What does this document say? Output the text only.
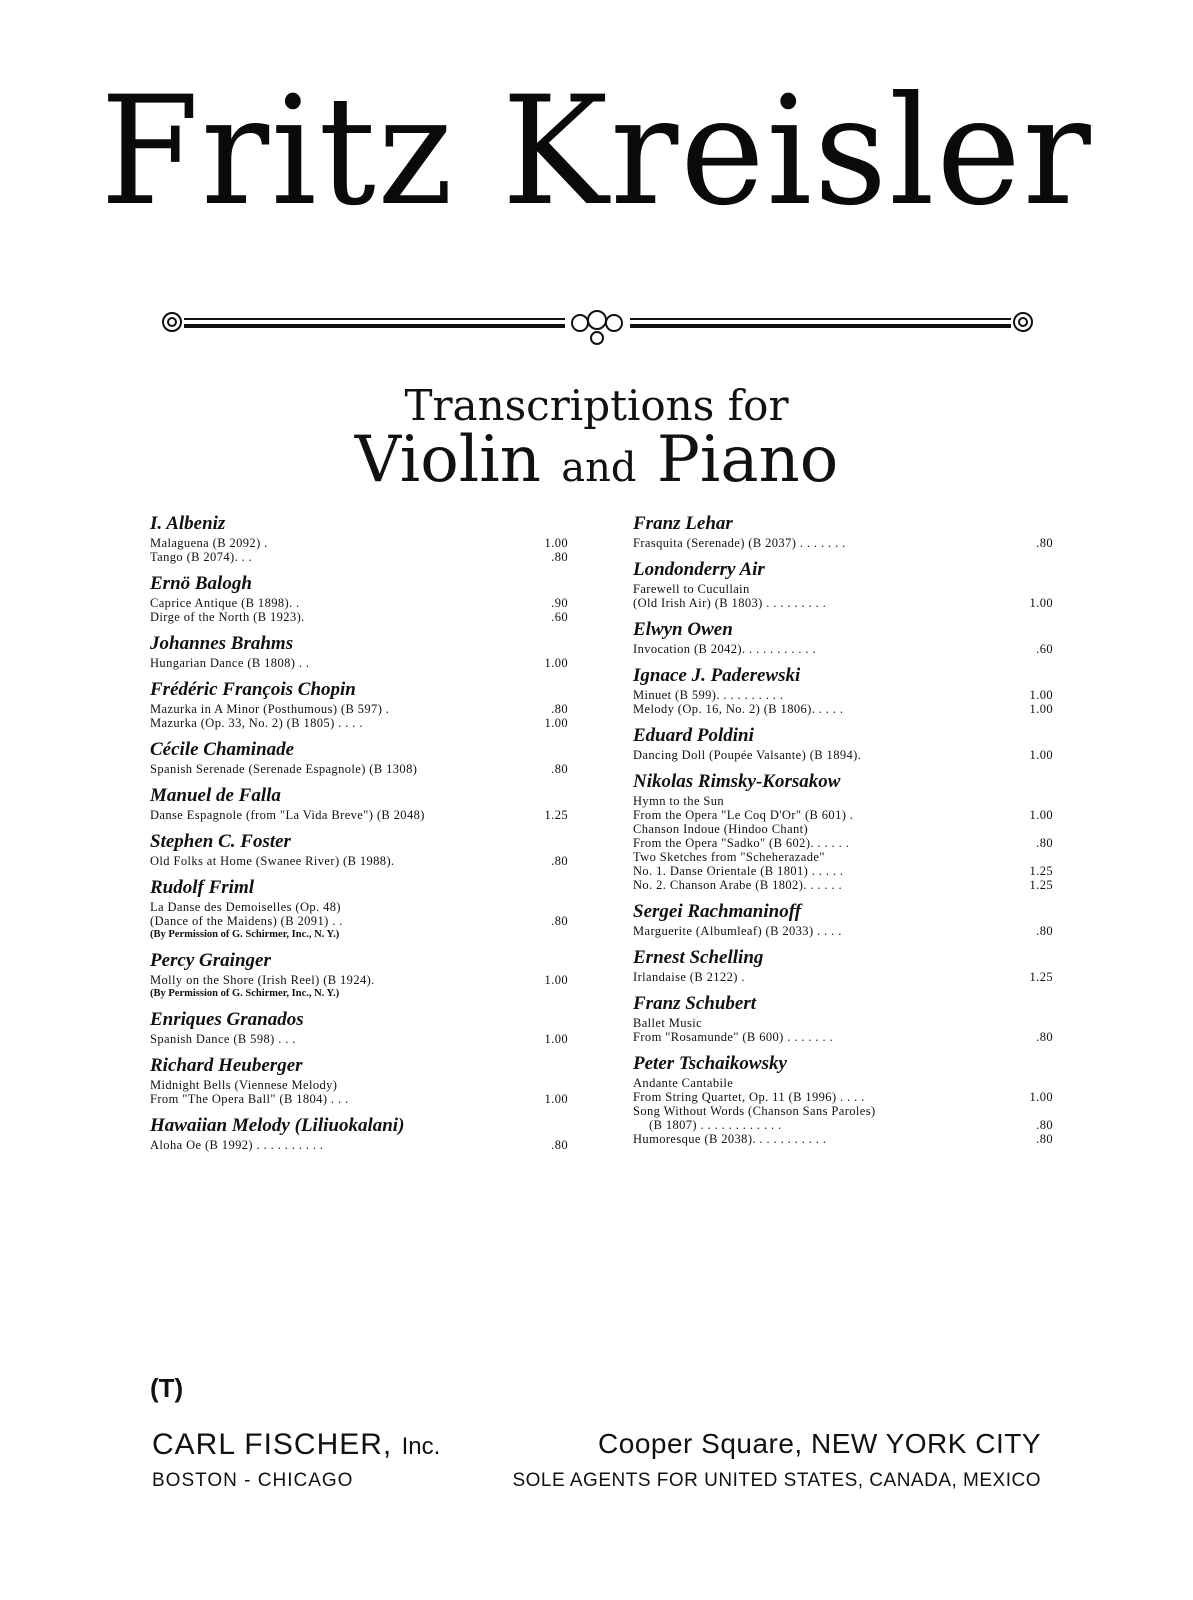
Fritz Kreisler
Transcriptions for
Violin and Piano
I. Albeniz
Malaguena (B 2092) .	1.00
Tango (B 2074). . .	.80
Ernö Balogh
Caprice Antique (B 1898). .	.90
Dirge of the North (B 1923).	.60
Johannes Brahms
Hungarian Dance (B 1808) . .	1.00
Frédéric François Chopin
Mazurka in A Minor (Posthumous) (B 597) .	.80
Mazurka (Op. 33, No. 2) (B 1805) . . . .	1.00
Cécile Chaminade
Spanish Serenade (Serenade Espagnole) (B 1308)	.80
Manuel de Falla
Danse Espagnole (from "La Vida Breve") (B 2048)	1.25
Stephen C. Foster
Old Folks at Home (Swanee River) (B 1988).	.80
Rudolf Friml
La Danse des Demoiselles (Op. 48)
(Dance of the Maidens) (B 2091) . .	.80
(By Permission of G. Schirmer, Inc., N. Y.)
Percy Grainger
Molly on the Shore (Irish Reel) (B 1924).	1.00
(By Permission of G. Schirmer, Inc., N. Y.)
Enriques Granados
Spanish Dance (B 598) . . .	1.00
Richard Heuberger
Midnight Bells (Viennese Melody)
From "The Opera Ball" (B 1804) . . .	1.00
Hawaiian Melody (Liliuokalani)
Aloha Oe (B 1992) . . . . . . . . . .	.80
Franz Lehar
Frasquita (Serenade) (B 2037) . . . . . . .	.80
Londonderry Air
Farewell to Cucullain
(Old Irish Air) (B 1803) . . . . . . . . .	1.00
Elwyn Owen
Invocation (B 2042). . . . . . . . . . .	.60
Ignace J. Paderewski
Minuet (B 599). . . . . . . . . .	1.00
Melody (Op. 16, No. 2) (B 1806). . . . .	1.00
Eduard Poldini
Dancing Doll (Poupée Valsante) (B 1894).	1.00
Nikolas Rimsky-Korsakow
Hymn to the Sun
From the Opera "Le Coq D'Or" (B 601) .	1.00
Chanson Indoue (Hindoo Chant)
From the Opera "Sadko" (B 602). . . . . .	.80
Two Sketches from "Scheherazade"
No. 1. Danse Orientale (B 1801) . . . . .	1.25
No. 2. Chanson Arabe (B 1802). . . . . .	1.25
Sergei Rachmaninoff
Marguerite (Albumleaf) (B 2033) . . . .	.80
Ernest Schelling
Irlandaise (B 2122) .	1.25
Franz Schubert
Ballet Music
From "Rosamunde" (B 600) . . . . . . .	.80
Peter Tschaikowsky
Andante Cantabile
From String Quartet, Op. 11 (B 1996) . . . .	1.00
Song Without Words (Chanson Sans Paroles)
(B 1807) . . . . . . . . . . . .	.80
Humoresque (B 2038). . . . . . . . . . .	.80
(T)
CARL FISCHER, Inc.	Cooper Square, NEW YORK CITY
BOSTON - CHICAGO	SOLE AGENTS FOR UNITED STATES, CANADA, MEXICO
